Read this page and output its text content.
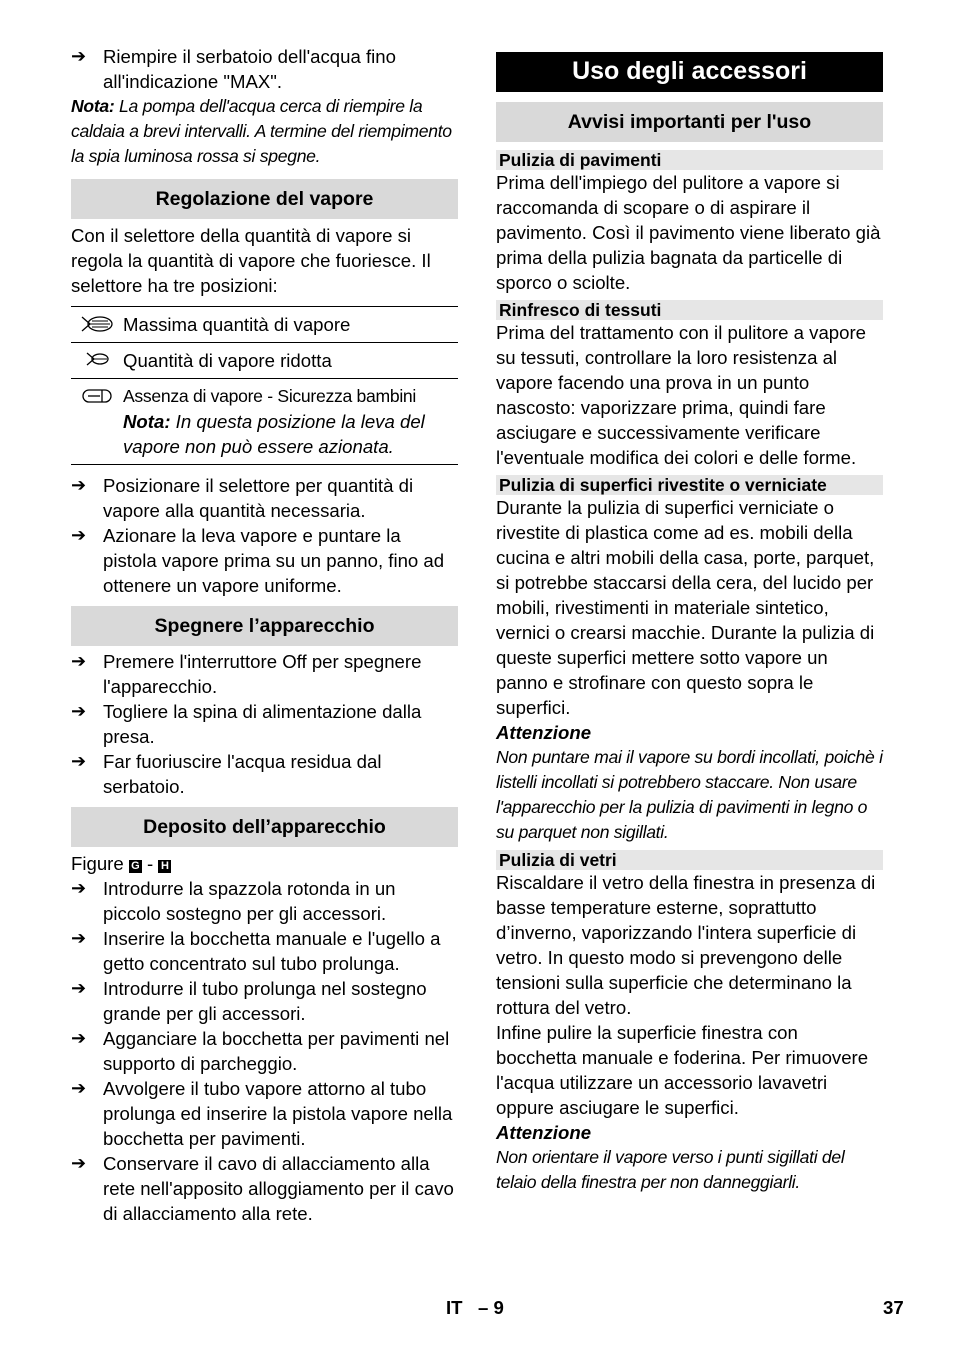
➔ Riempire il serbatoio dell'acqua fino all'indicazione "MAX".

Nota: La pompa dell'acqua cerca di riempire la caldaia a brevi intervalli. A termine del riempimento la spia luminosa rossa si spegne.

Regolazione del vapore

Con il selettore della quantità di vapore si regola la quantità di vapore che fuoriesce. Il selettore ha tre posizioni:

Massima quantità di vapore
Quantità di vapore ridotta
Assenza di vapore - Sicurezza bambini
Nota: In questa posizione la leva del vapore non può essere azionata.
➔ Posizionare il selettore per quantità di vapore alla quantità necessaria.
➔ Azionare la leva vapore e puntare la pistola vapore prima su un panno, fino ad ottenere un vapore uniforme.
Spegnere l’apparecchio
➔ Premere l'interruttore Off per spegnere l'apparecchio.
➔ Togliere la spina di alimentazione dalla presa.
➔ Far fuoriuscire l'acqua residua dal serbatoio.
Deposito dell’apparecchio

Figure G - H

➔ Introdurre la spazzola rotonda in un piccolo sostegno per gli accessori.
➔ Inserire la bocchetta manuale e l'ugello a getto concentrato sul tubo prolunga.
➔ Introdurre il tubo prolunga nel sostegno grande per gli accessori.
➔ Agganciare la bocchetta per pavimenti nel supporto di parcheggio.
➔ Avvolgere il tubo vapore attorno al tubo prolunga ed inserire la pistola vapore nella bocchetta per pavimenti.
➔ Conservare il cavo di allacciamento alla rete nell'apposito alloggiamento per il cavo di allacciamento alla rete.
Uso degli accessori
Avvisi importanti per l'uso
Pulizia di pavimenti

Prima dell'impiego del pulitore a vapore si raccomanda di scopare o di aspirare il pavimento. Così il pavimento viene liberato già prima della pulizia bagnata da particelle di sporco o sciolte.

Rinfresco di tessuti

Prima del trattamento con il pulitore a vapore su tessuti, controllare la loro resistenza al vapore facendo una prova in un punto nascosto: vaporizzare prima, quindi fare asciugare e successivamente verificare l'eventuale modifica dei colori e delle forme.

Pulizia di superfici rivestite o verniciate

Durante la pulizia di superfici verniciate o rivestite di plastica come ad es. mobili della cucina e altri mobili della casa, porte, parquet, si potrebbe staccarsi della cera, del lucido per mobili, rivestimenti in materiale sintetico, vernici o crearsi macchie. Durante la pulizia di queste superfici mettere sotto vapore un panno e strofinare con questo sopra le superfici.

Attenzione

Non puntare mai il vapore su bordi incollati, poichè i listelli incollati si potrebbero staccare. Non usare l'apparecchio per la pulizia di pavimenti in legno o su parquet non sigillati.

Pulizia di vetri

Riscaldare il vetro della finestra in presenza di basse temperature esterne, soprattutto d’inverno, vaporizzando l'intera superficie di vetro. In questo modo si prevengono delle tensioni sulla superficie che determinano la rottura del vetro.

Infine pulire la superficie finestra con bocchetta manuale e foderina. Per rimuovere l'acqua utilizzare un accessorio lavavetri oppure asciugare le superfici.

Attenzione

Non orientare il vapore verso i punti sigillati del telaio della finestra per non danneggiarli.

IT   – 9	37
